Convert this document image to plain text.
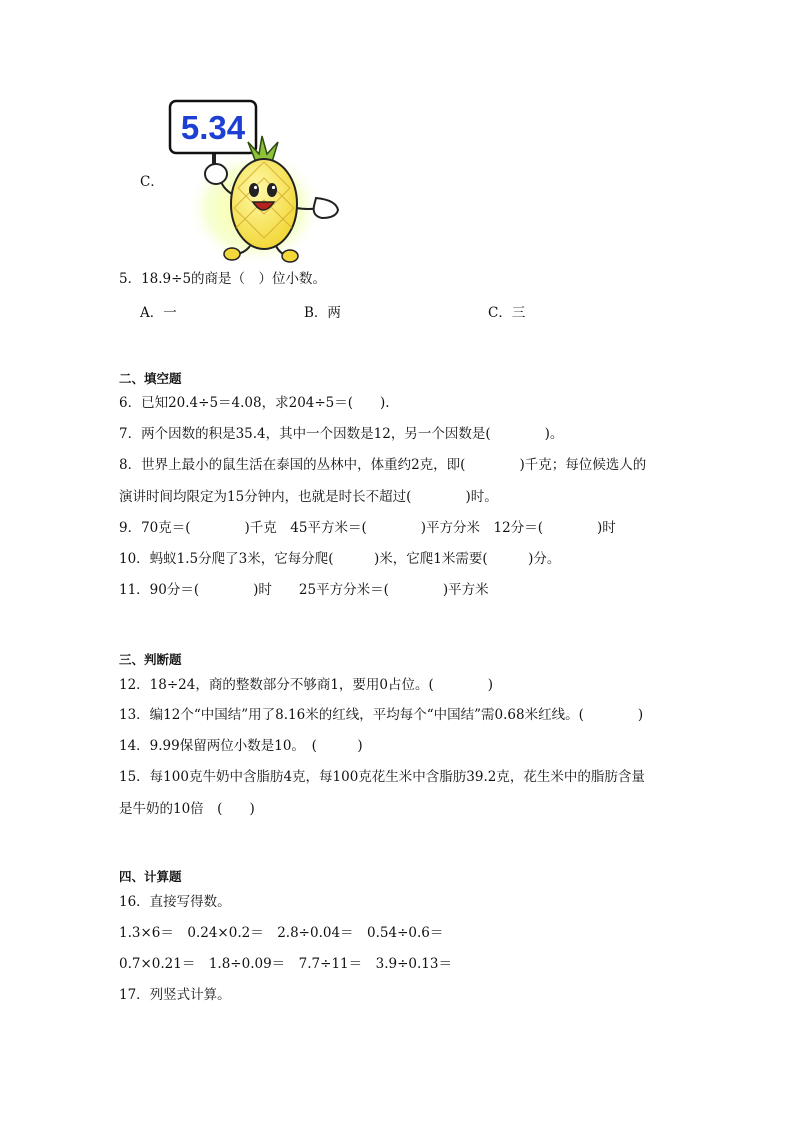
C．
5.34
5．18.9÷5的商是（　）位小数。
A．一	B．两	C．三
二、填空题
6．已知20.4÷5＝4.08，求204÷5＝(　　).
7．两个因数的积是35.4，其中一个因数是12，另一个因数是(　　　　)。
8．世界上最小的鼠生活在泰国的丛林中，体重约2克，即(　　　　)千克；每位候选人的
演讲时间均限定为15分钟内，也就是时长不超过(　　　　)时。
9．70克＝(　　　　)千克　45平方米＝(　　　　)平方分米　12分＝(　　　　)时
10．蚂蚁1.5分爬了3米，它每分爬(　　　)米，它爬1米需要(　　　)分。
11．90分＝(　　　　)时　　25平方分米＝(　　　　)平方米
三、判断题
12．18÷24，商的整数部分不够商1，要用0占位。(　　　　)
13．编12个“中国结”用了8.16米的红线，平均每个“中国结”需0.68米红线。(　　　　)
14．9.99保留两位小数是10。　(　　　)
15．每100克牛奶中含脂肪4克，每100克花生米中含脂肪39.2克，花生米中的脂肪含量
是牛奶的10倍　(　　)
四、计算题
16．直接写得数。
1.3×6＝　0.24×0.2＝　2.8÷0.04＝　0.54÷0.6＝
0.7×0.21＝　1.8÷0.09＝　7.7÷11＝　3.9÷0.13＝
17．列竖式计算。
